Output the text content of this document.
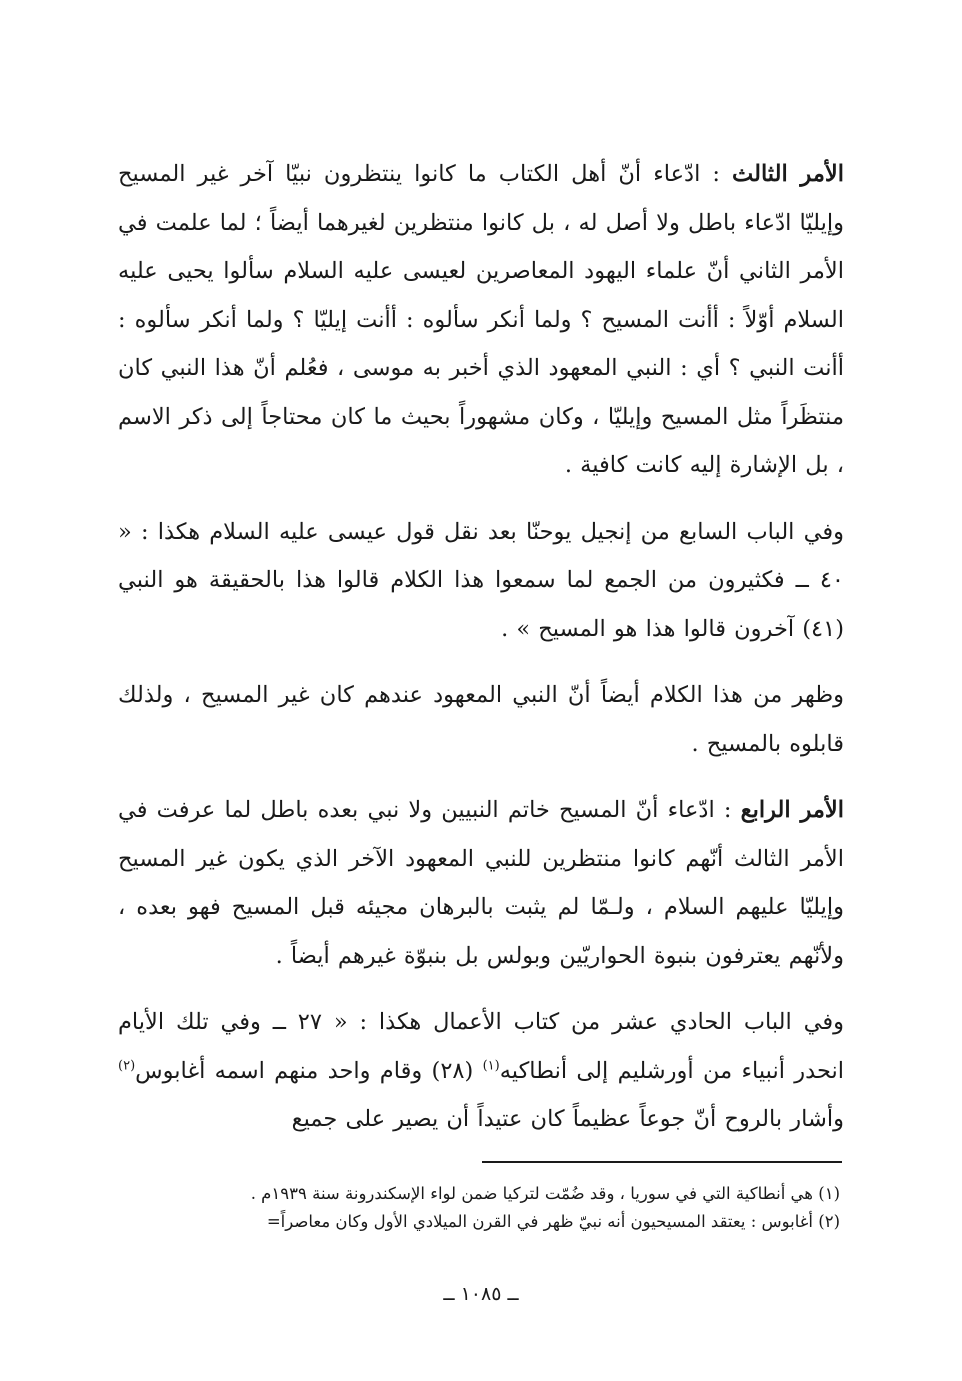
الأمر الثالث : ادّعاء أنّ أهل الكتاب ما كانوا ينتظرون نبيّا آخر غير المسيح وإيليّا ادّعاء باطل ولا أصل له ، بل كانوا منتظرين لغيرهما أيضاً ؛ لما علمت في الأمر الثاني أنّ علماء اليهود المعاصرين لعيسى عليه السلام سألوا يحيى عليه السلام أوّلاً : أأنت المسيح ؟ ولما أنكر سألوه : أأنت إيليّا ؟ ولما أنكر سألوه : أأنت النبي ؟ أي : النبي المعهود الذي أخبر به موسى ، فعُلم أنّ هذا النبي كان منتظَراً مثل المسيح وإيليّا ، وكان مشهوراً بحيث ما كان محتاجاً إلى ذكر الاسم ، بل الإشارة إليه كانت كافية .

وفي الباب السابع من إنجيل يوحنّا بعد نقل قول عيسى عليه السلام هكذا : « ٤٠ ــ فكثيرون من الجمع لما سمعوا هذا الكلام قالوا هذا بالحقيقة هو النبي (٤١) آخرون قالوا هذا هو المسيح » .

وظهر من هذا الكلام أيضاً أنّ النبي المعهود عندهم كان غير المسيح ، ولذلك قابلوه بالمسيح .

الأمر الرابع : ادّعاء أنّ المسيح خاتم النبيين ولا نبي بعده باطل لما عرفت في الأمر الثالث أنّهم كانوا منتظرين للنبي المعهود الآخر الذي يكون غير المسيح وإيليّا عليهم السلام ، ولـمّا لم يثبت بالبرهان مجيئه قبل المسيح فهو بعده ، ولأنّهم يعترفون بنبوة الحواريّين وبولس بل بنبوّة غيرهم أيضاً .

وفي الباب الحادي عشر من كتاب الأعمال هكذا : « ٢٧ ــ وفي تلك الأيام انحدر أنبياء من أورشليم إلى أنطاكيه$^{(١)}$ (٢٨) وقام واحد منهم اسمه أغابوس$^{(٢)}$ وأشار بالروح أنّ جوعاً عظيماً كان عتيداً أن يصير على جميع

(١) هي أنطاكية التي في سوريا ، وقد ضُمّت لتركيا ضمن لواء الإسكندرونة سنة ١٩٣٩م .

(٢) أغابوس : يعتقد المسيحيون أنه نبيّ ظهر في القرن الميلادي الأول وكان معاصراً=

ــ ١٠٨٥ ــ
